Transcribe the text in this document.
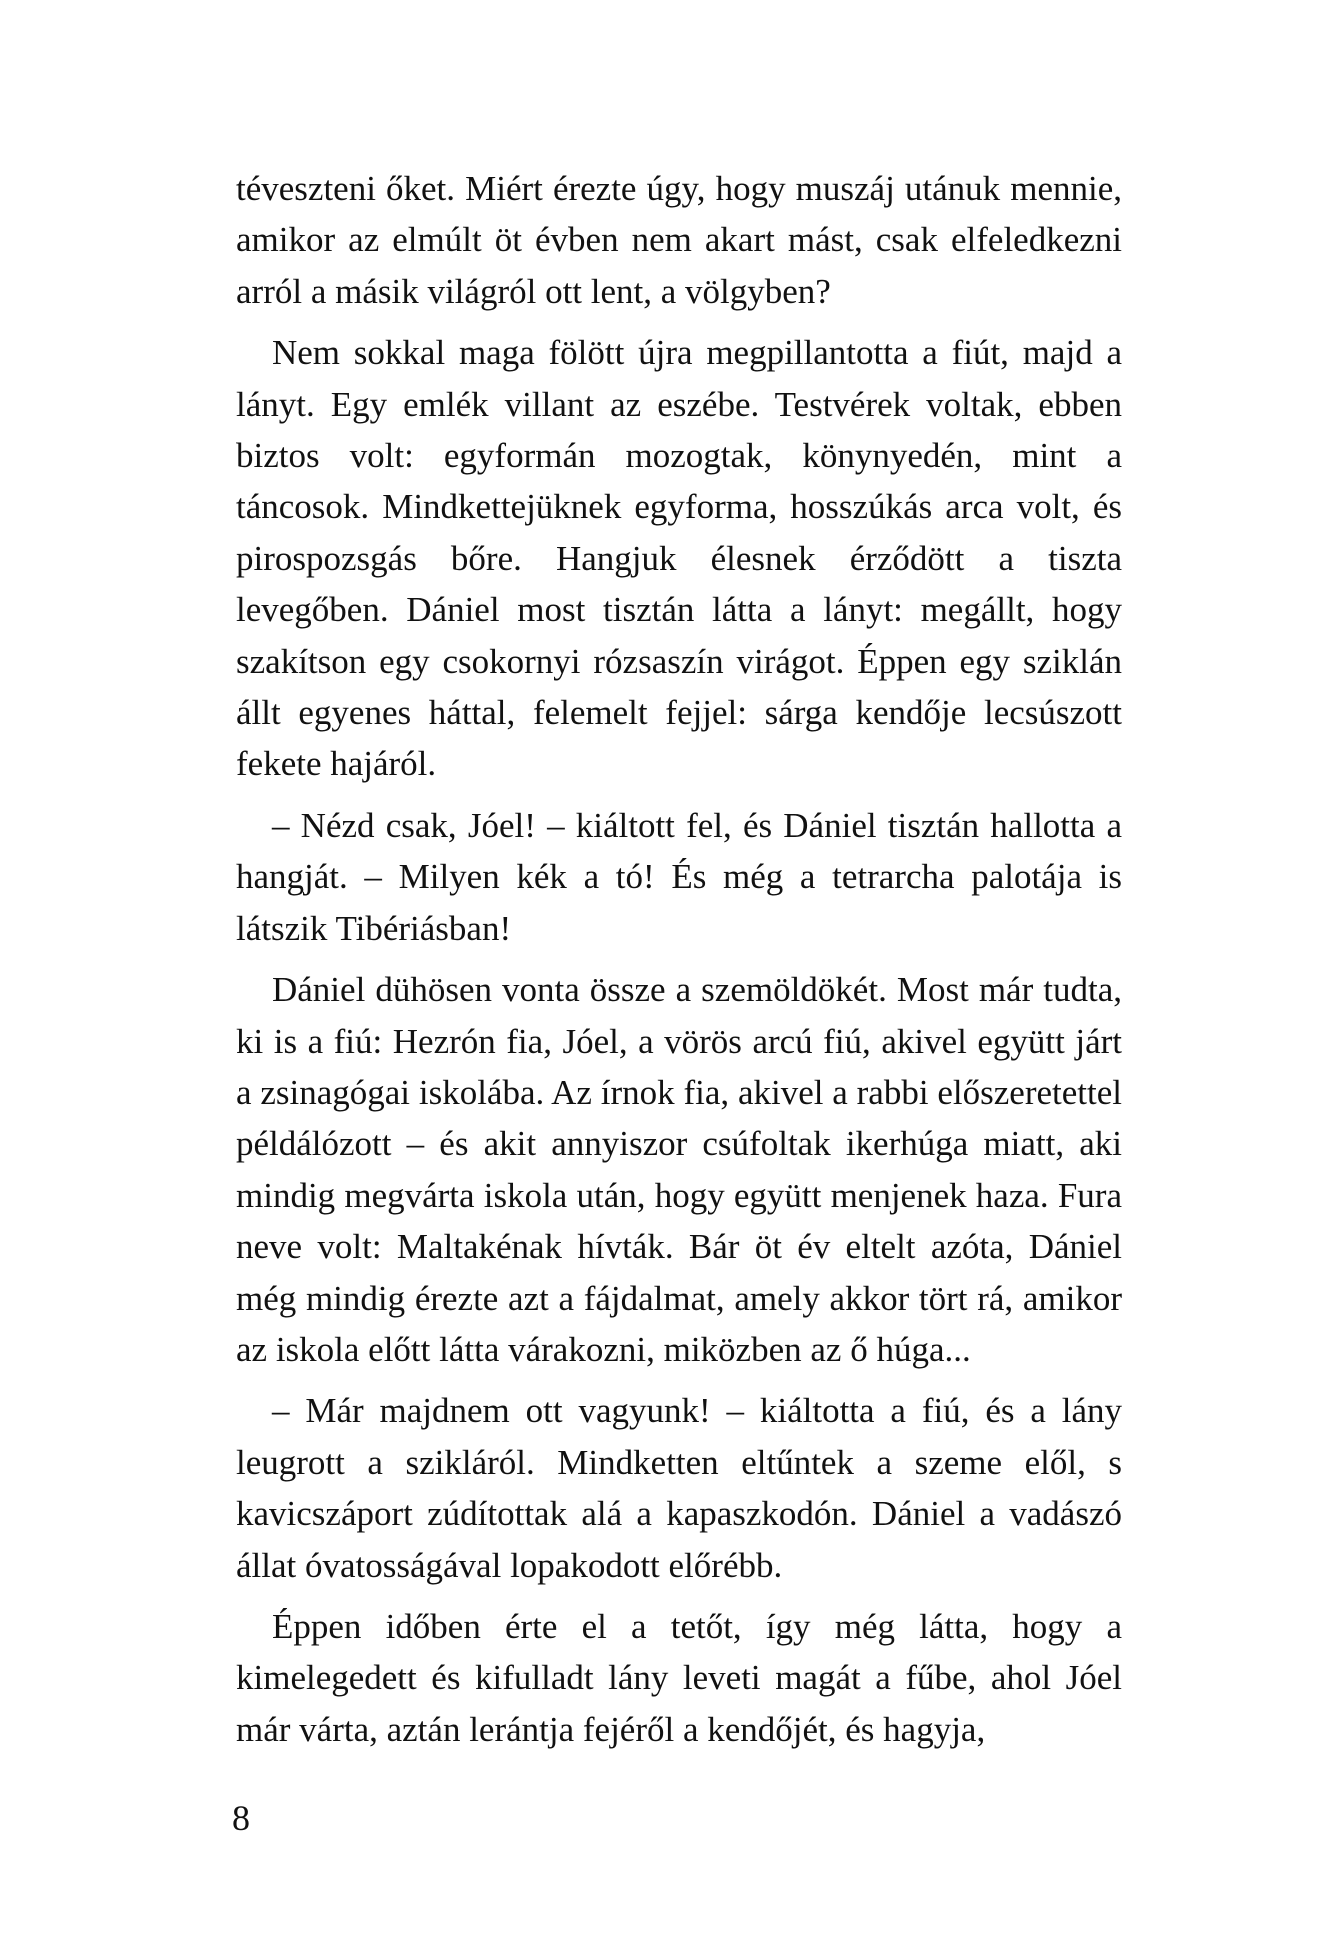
téveszteni őket. Miért érezte úgy, hogy muszáj utánuk mennie, amikor az elmúlt öt évben nem akart mást, csak elfeledkezni arról a másik világról ott lent, a völgyben?

Nem sokkal maga fölött újra megpillantotta a fiút, majd a lányt. Egy emlék villant az eszébe. Testvérek voltak, ebben biztos volt: egyformán mozogtak, könynyedén, mint a táncosok. Mindkettejüknek egyforma, hosszúkás arca volt, és pirospozsgás bőre. Hangjuk élesnek érződött a tiszta levegőben. Dániel most tisztán látta a lányt: megállt, hogy szakítson egy csokornyi rózsaszín virágot. Éppen egy sziklán állt egyenes háttal, felemelt fejjel: sárga kendője lecsúszott fekete hajáról.

– Nézd csak, Jóel! – kiáltott fel, és Dániel tisztán hallotta a hangját. – Milyen kék a tó! És még a tetrarcha palotája is látszik Tibériásban!

Dániel dühösen vonta össze a szemöldökét. Most már tudta, ki is a fiú: Hezrón fia, Jóel, a vörös arcú fiú, akivel együtt járt a zsinagógai iskolába. Az írnok fia, akivel a rabbi előszeretettel példálózott – és akit annyiszor csúfoltak ikerhúga miatt, aki mindig megvárta iskola után, hogy együtt menjenek haza. Fura neve volt: Maltakénak hívták. Bár öt év eltelt azóta, Dániel még mindig érezte azt a fájdalmat, amely akkor tört rá, amikor az iskola előtt látta várakozni, miközben az ő húga...

– Már majdnem ott vagyunk! – kiáltotta a fiú, és a lány leugrott a szikláról. Mindketten eltűntek a szeme elől, s kavicszáport zúdítottak alá a kapaszkodón. Dániel a vadászó állat óvatosságával lopakodott előrébb.

Éppen időben érte el a tetőt, így még látta, hogy a kimelegedett és kifulladt lány leveti magát a fűbe, ahol Jóel már várta, aztán lerántja fejéről a kendőjét, és hagyja,

8
